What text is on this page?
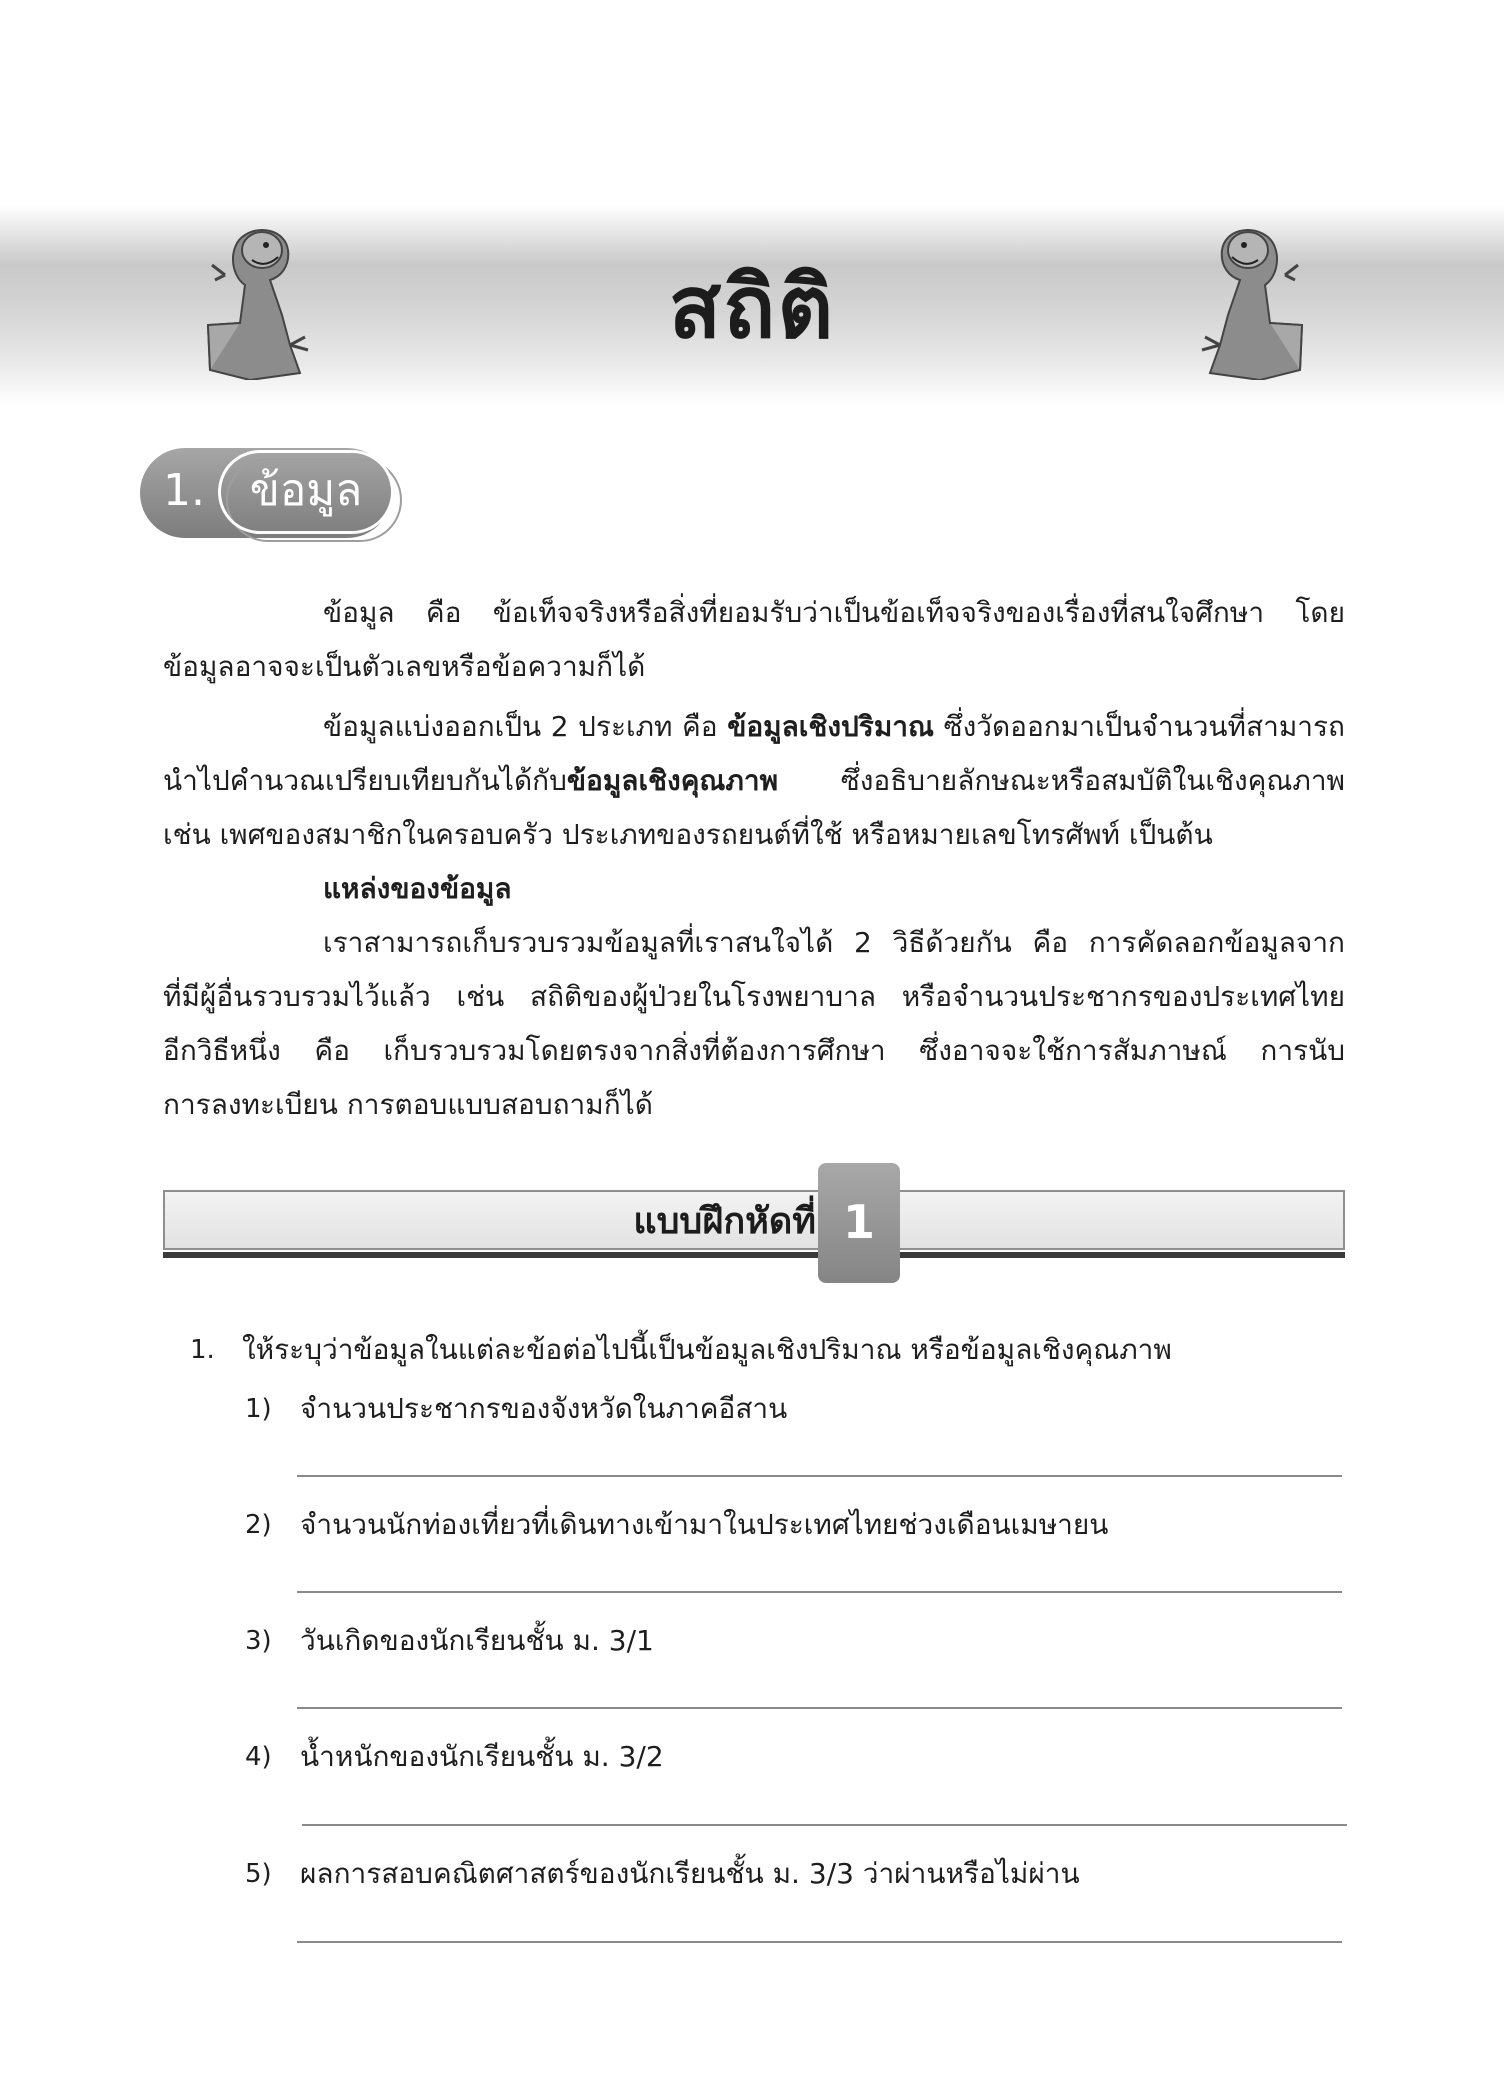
สถิติ
1.	ข้อมูล
ข้อมูล คือ ข้อเท็จจริงหรือสิ่งที่ยอมรับว่าเป็นข้อเท็จจริงของเรื่องที่สนใจศึกษา โดย
ข้อมูลอาจจะเป็นตัวเลขหรือข้อความก็ได้
ข้อมูลแบ่งออกเป็น 2 ประเภท คือ ข้อมูลเชิงปริมาณ ซึ่งวัดออกมาเป็นจำนวนที่สามารถ
นำไปคำนวณเปรียบเทียบกันได้กับข้อมูลเชิงคุณภาพ ซึ่งอธิบายลักษณะหรือสมบัติในเชิงคุณภาพ
เช่น เพศของสมาชิกในครอบครัว ประเภทของรถยนต์ที่ใช้ หรือหมายเลขโทรศัพท์ เป็นต้น
แหล่งของข้อมูล
เราสามารถเก็บรวบรวมข้อมูลที่เราสนใจได้ 2 วิธีด้วยกัน คือ การคัดลอกข้อมูลจาก
ที่มีผู้อื่นรวบรวมไว้แล้ว เช่น สถิติของผู้ป่วยในโรงพยาบาล หรือจำนวนประชากรของประเทศไทย
อีกวิธีหนึ่ง คือ เก็บรวบรวมโดยตรงจากสิ่งที่ต้องการศึกษา ซึ่งอาจจะใช้การสัมภาษณ์ การนับ
การลงทะเบียน การตอบแบบสอบถามก็ได้
แบบฝึกหัดที่ 1
1. ให้ระบุว่าข้อมูลในแต่ละข้อต่อไปนี้เป็นข้อมูลเชิงปริมาณ หรือข้อมูลเชิงคุณภาพ
1) จำนวนประชากรของจังหวัดในภาคอีสาน
2) จำนวนนักท่องเที่ยวที่เดินทางเข้ามาในประเทศไทยช่วงเดือนเมษายน
3) วันเกิดของนักเรียนชั้น ม. 3/1
4) น้ำหนักของนักเรียนชั้น ม. 3/2
5) ผลการสอบคณิตศาสตร์ของนักเรียนชั้น ม. 3/3 ว่าผ่านหรือไม่ผ่าน
